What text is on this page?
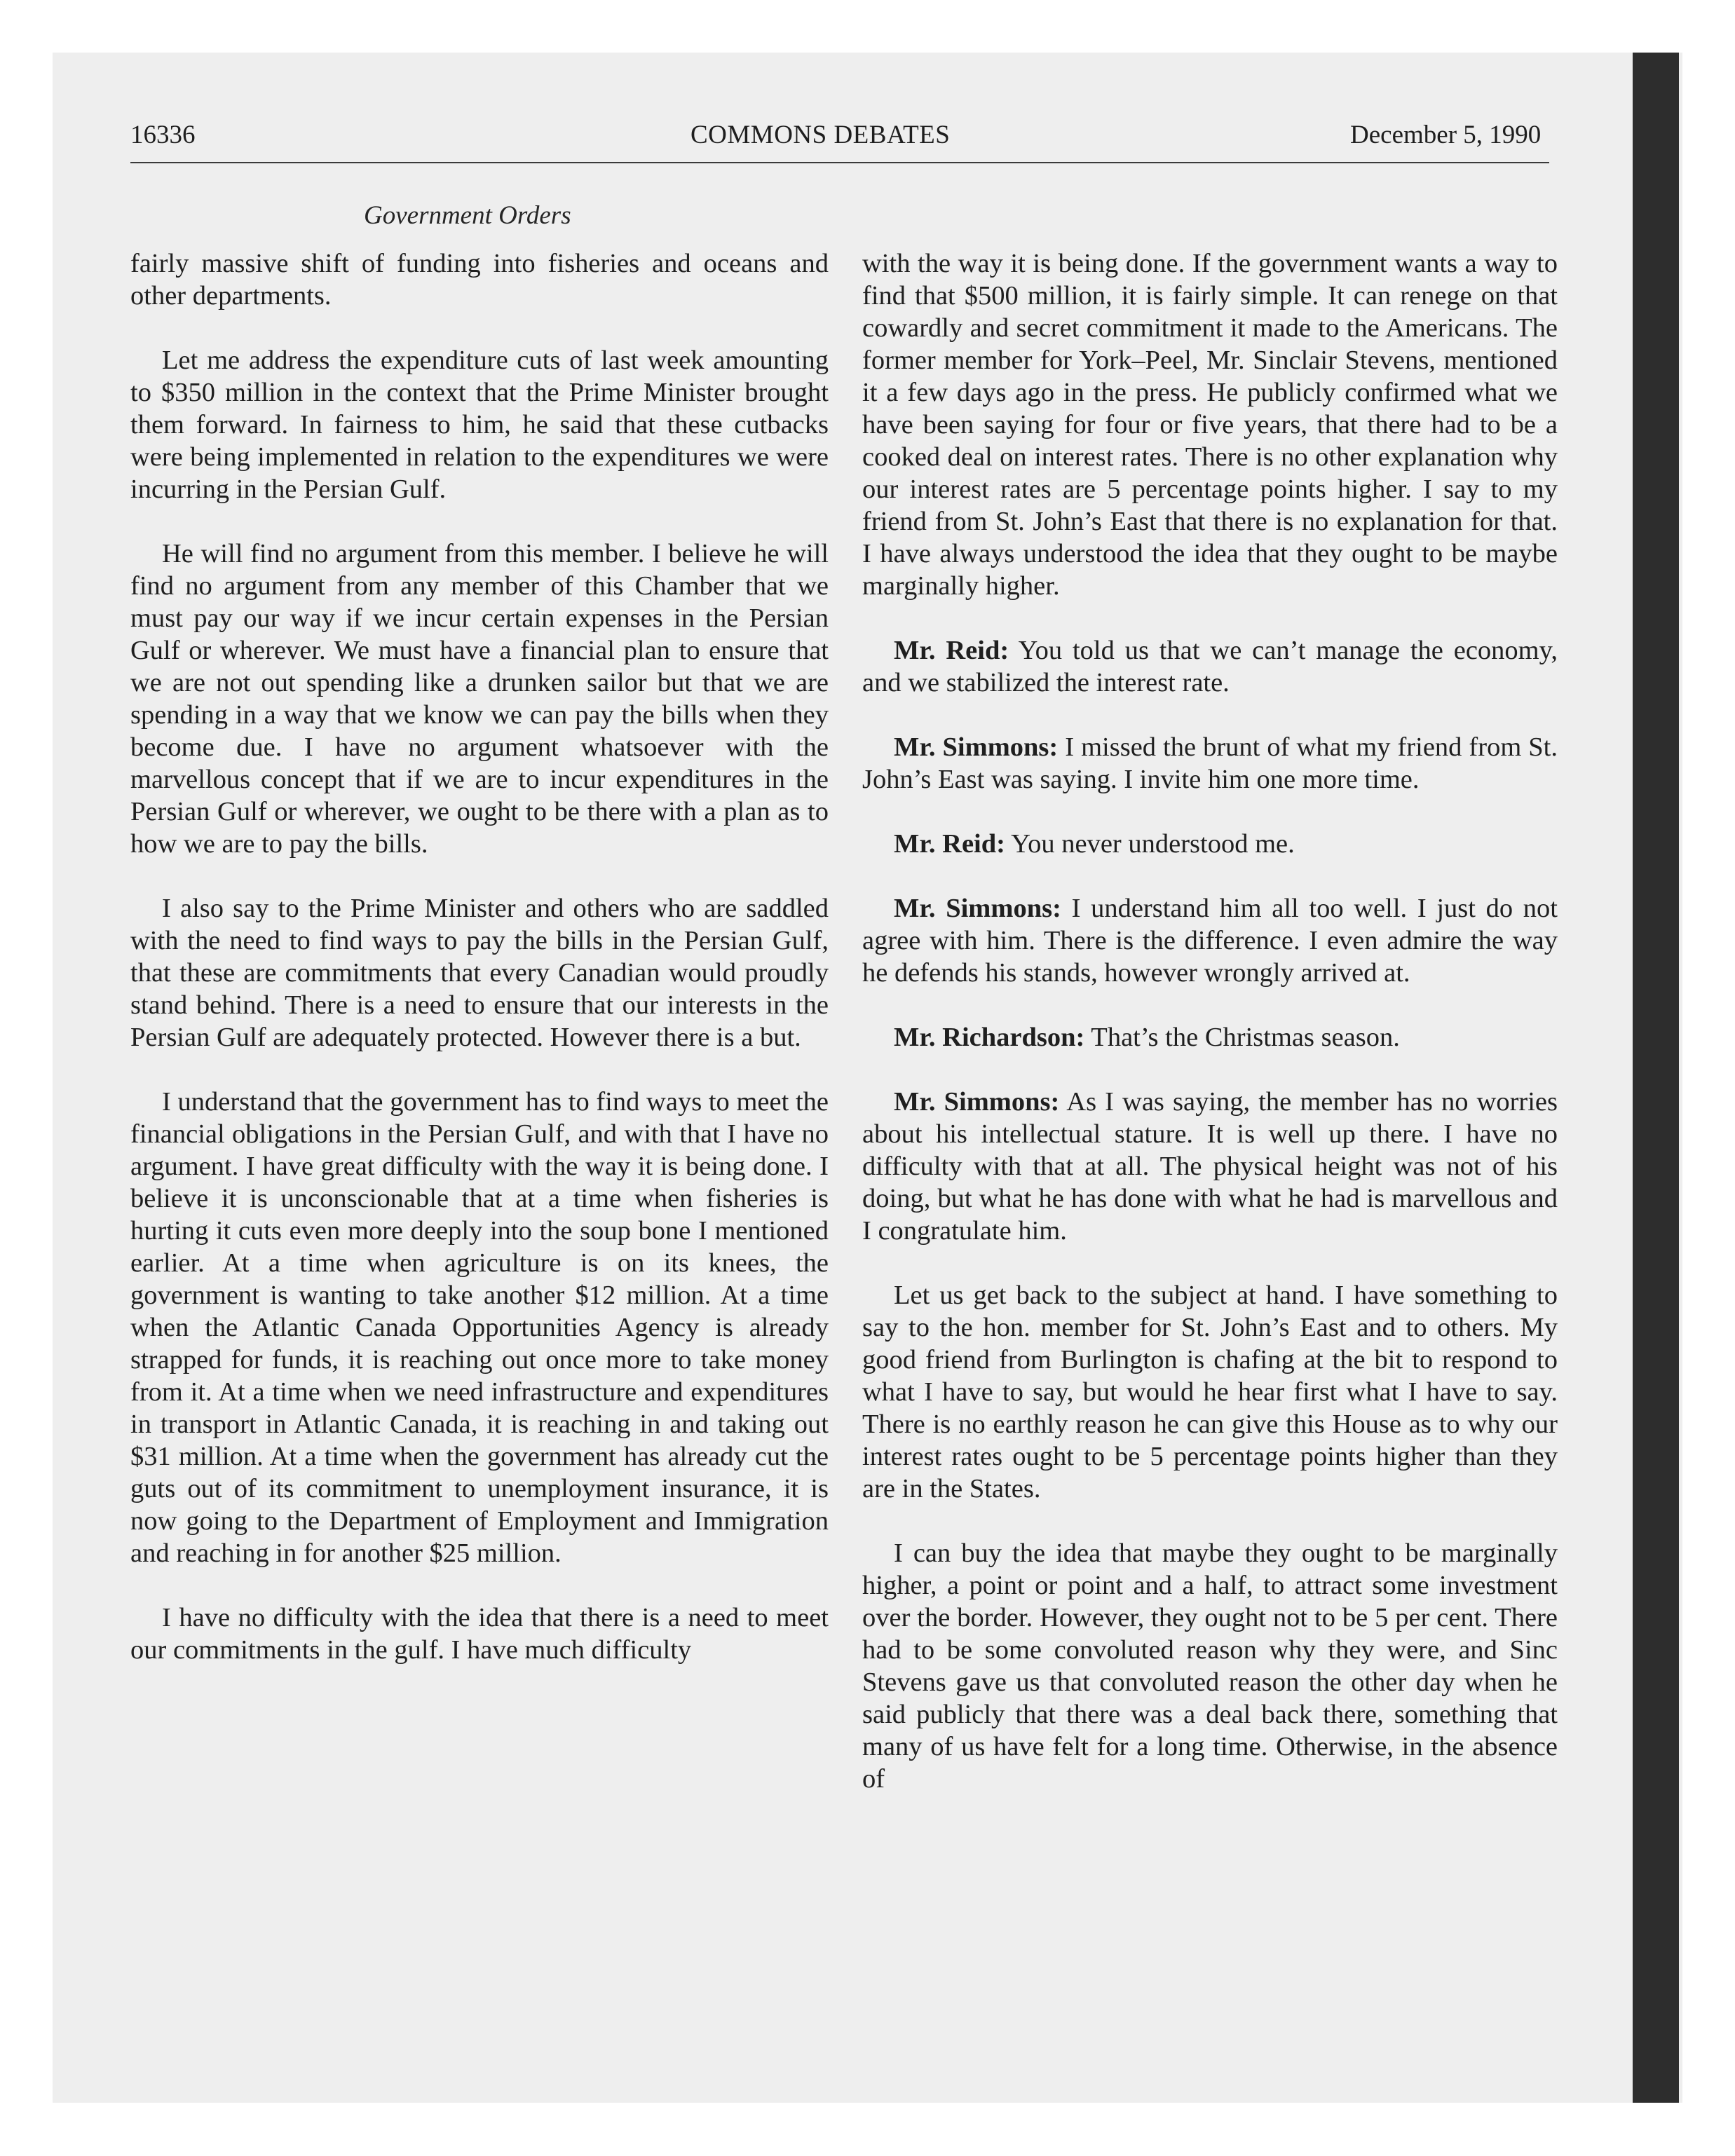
16336	COMMONS DEBATES	December 5, 1990
Government Orders

fairly massive shift of funding into fisheries and oceans and other departments.

Let me address the expenditure cuts of last week amounting to $350 million in the context that the Prime Minister brought them forward. In fairness to him, he said that these cutbacks were being implemented in relation to the expenditures we were incurring in the Persian Gulf.

He will find no argument from this member. I believe he will find no argument from any member of this Chamber that we must pay our way if we incur certain expenses in the Persian Gulf or wherever. We must have a financial plan to ensure that we are not out spending like a drunken sailor but that we are spending in a way that we know we can pay the bills when they become due. I have no argument whatsoever with the marvellous concept that if we are to incur expenditures in the Persian Gulf or wherever, we ought to be there with a plan as to how we are to pay the bills.

I also say to the Prime Minister and others who are saddled with the need to find ways to pay the bills in the Persian Gulf, that these are commitments that every Canadian would proudly stand behind. There is a need to ensure that our interests in the Persian Gulf are adequately protected. However there is a but.

I understand that the government has to find ways to meet the financial obligations in the Persian Gulf, and with that I have no argument. I have great difficulty with the way it is being done. I believe it is unconscionable that at a time when fisheries is hurting it cuts even more deeply into the soup bone I mentioned earlier. At a time when agriculture is on its knees, the government is wanting to take another $12 million. At a time when the Atlantic Canada Opportunities Agency is already strapped for funds, it is reaching out once more to take money from it. At a time when we need infrastructure and expenditures in transport in Atlantic Canada, it is reaching in and taking out $31 million. At a time when the government has already cut the guts out of its commitment to unemployment insurance, it is now going to the Department of Employment and Immigration and reaching in for another $25 million.

I have no difficulty with the idea that there is a need to meet our commitments in the gulf. I have much difficulty

with the way it is being done. If the government wants a way to find that $500 million, it is fairly simple. It can renege on that cowardly and secret commitment it made to the Americans. The former member for York–Peel, Mr. Sinclair Stevens, mentioned it a few days ago in the press. He publicly confirmed what we have been saying for four or five years, that there had to be a cooked deal on interest rates. There is no other explanation why our interest rates are 5 percentage points higher. I say to my friend from St. John’s East that there is no explanation for that. I have always understood the idea that they ought to be maybe marginally higher.

Mr. Reid: You told us that we can’t manage the economy, and we stabilized the interest rate.

Mr. Simmons: I missed the brunt of what my friend from St. John’s East was saying. I invite him one more time.

Mr. Reid: You never understood me.

Mr. Simmons: I understand him all too well. I just do not agree with him. There is the difference. I even admire the way he defends his stands, however wrongly arrived at.

Mr. Richardson: That’s the Christmas season.

Mr. Simmons: As I was saying, the member has no worries about his intellectual stature. It is well up there. I have no difficulty with that at all. The physical height was not of his doing, but what he has done with what he had is marvellous and I congratulate him.

Let us get back to the subject at hand. I have something to say to the hon. member for St. John’s East and to others. My good friend from Burlington is chafing at the bit to respond to what I have to say, but would he hear first what I have to say. There is no earthly reason he can give this House as to why our interest rates ought to be 5 percentage points higher than they are in the States.

I can buy the idea that maybe they ought to be marginally higher, a point or point and a half, to attract some investment over the border. However, they ought not to be 5 per cent. There had to be some convoluted reason why they were, and Sinc Stevens gave us that convoluted reason the other day when he said publicly that there was a deal back there, something that many of us have felt for a long time. Otherwise, in the absence of
